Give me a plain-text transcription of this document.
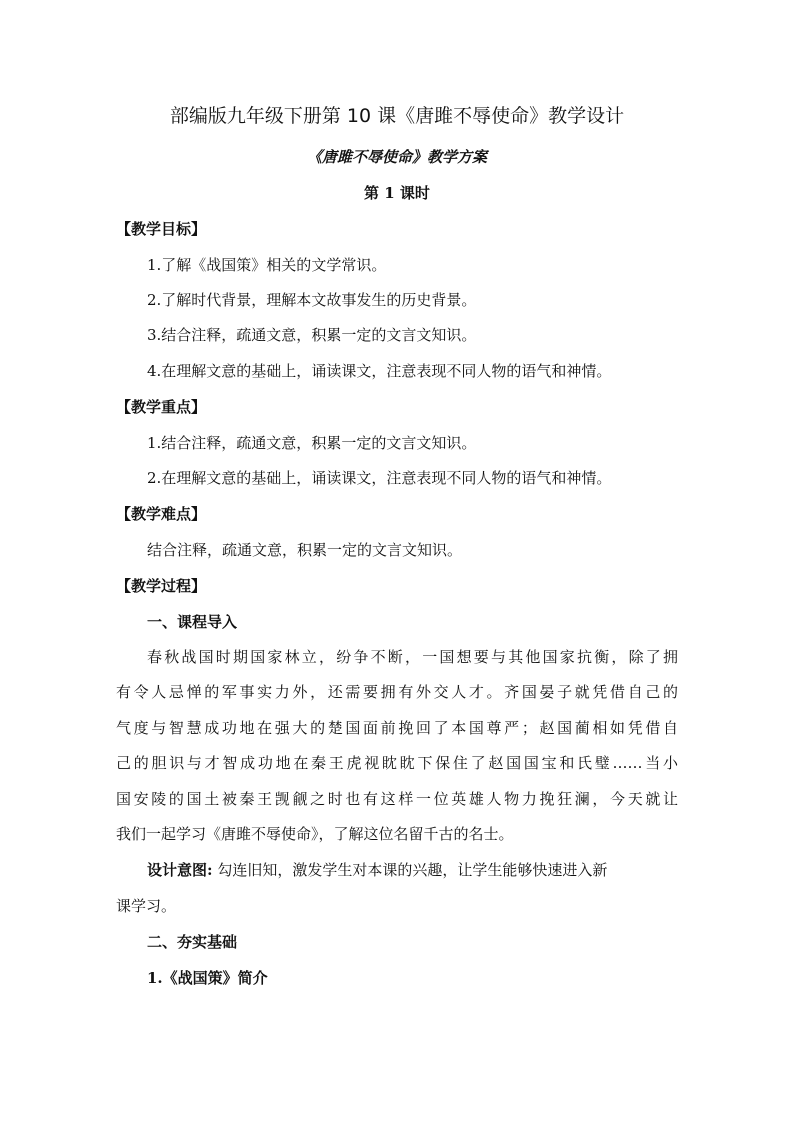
部编版九年级下册第 10 课《唐雎不辱使命》教学设计
《唐雎不辱使命》教学方案
第 1 课时
【教学目标】
1.了解《战国策》相关的文学常识。
2.了解时代背景，理解本文故事发生的历史背景。
3.结合注释，疏通文意，积累一定的文言文知识。
4.在理解文意的基础上，诵读课文，注意表现不同人物的语气和神情。
【教学重点】
1.结合注释，疏通文意，积累一定的文言文知识。
2.在理解文意的基础上，诵读课文，注意表现不同人物的语气和神情。
【教学难点】
结合注释，疏通文意，积累一定的文言文知识。
【教学过程】
一、课程导入
春秋战国时期国家林立，纷争不断，一国想要与其他国家抗衡，除了拥
有令人忌惮的军事实力外，还需要拥有外交人才。齐国晏子就凭借自己的
气度与智慧成功地在强大的楚国面前挽回了本国尊严；赵国蔺相如凭借自
己的胆识与才智成功地在秦王虎视眈眈下保住了赵国国宝和氏璧……当小
国安陵的国土被秦王觊觎之时也有这样一位英雄人物力挽狂澜，今天就让
我们一起学习《唐雎不辱使命》，了解这位名留千古的名士。
设计意图: 勾连旧知，激发学生对本课的兴趣，让学生能够快速进入新
课学习。
二、夯实基础
1.《战国策》简介
